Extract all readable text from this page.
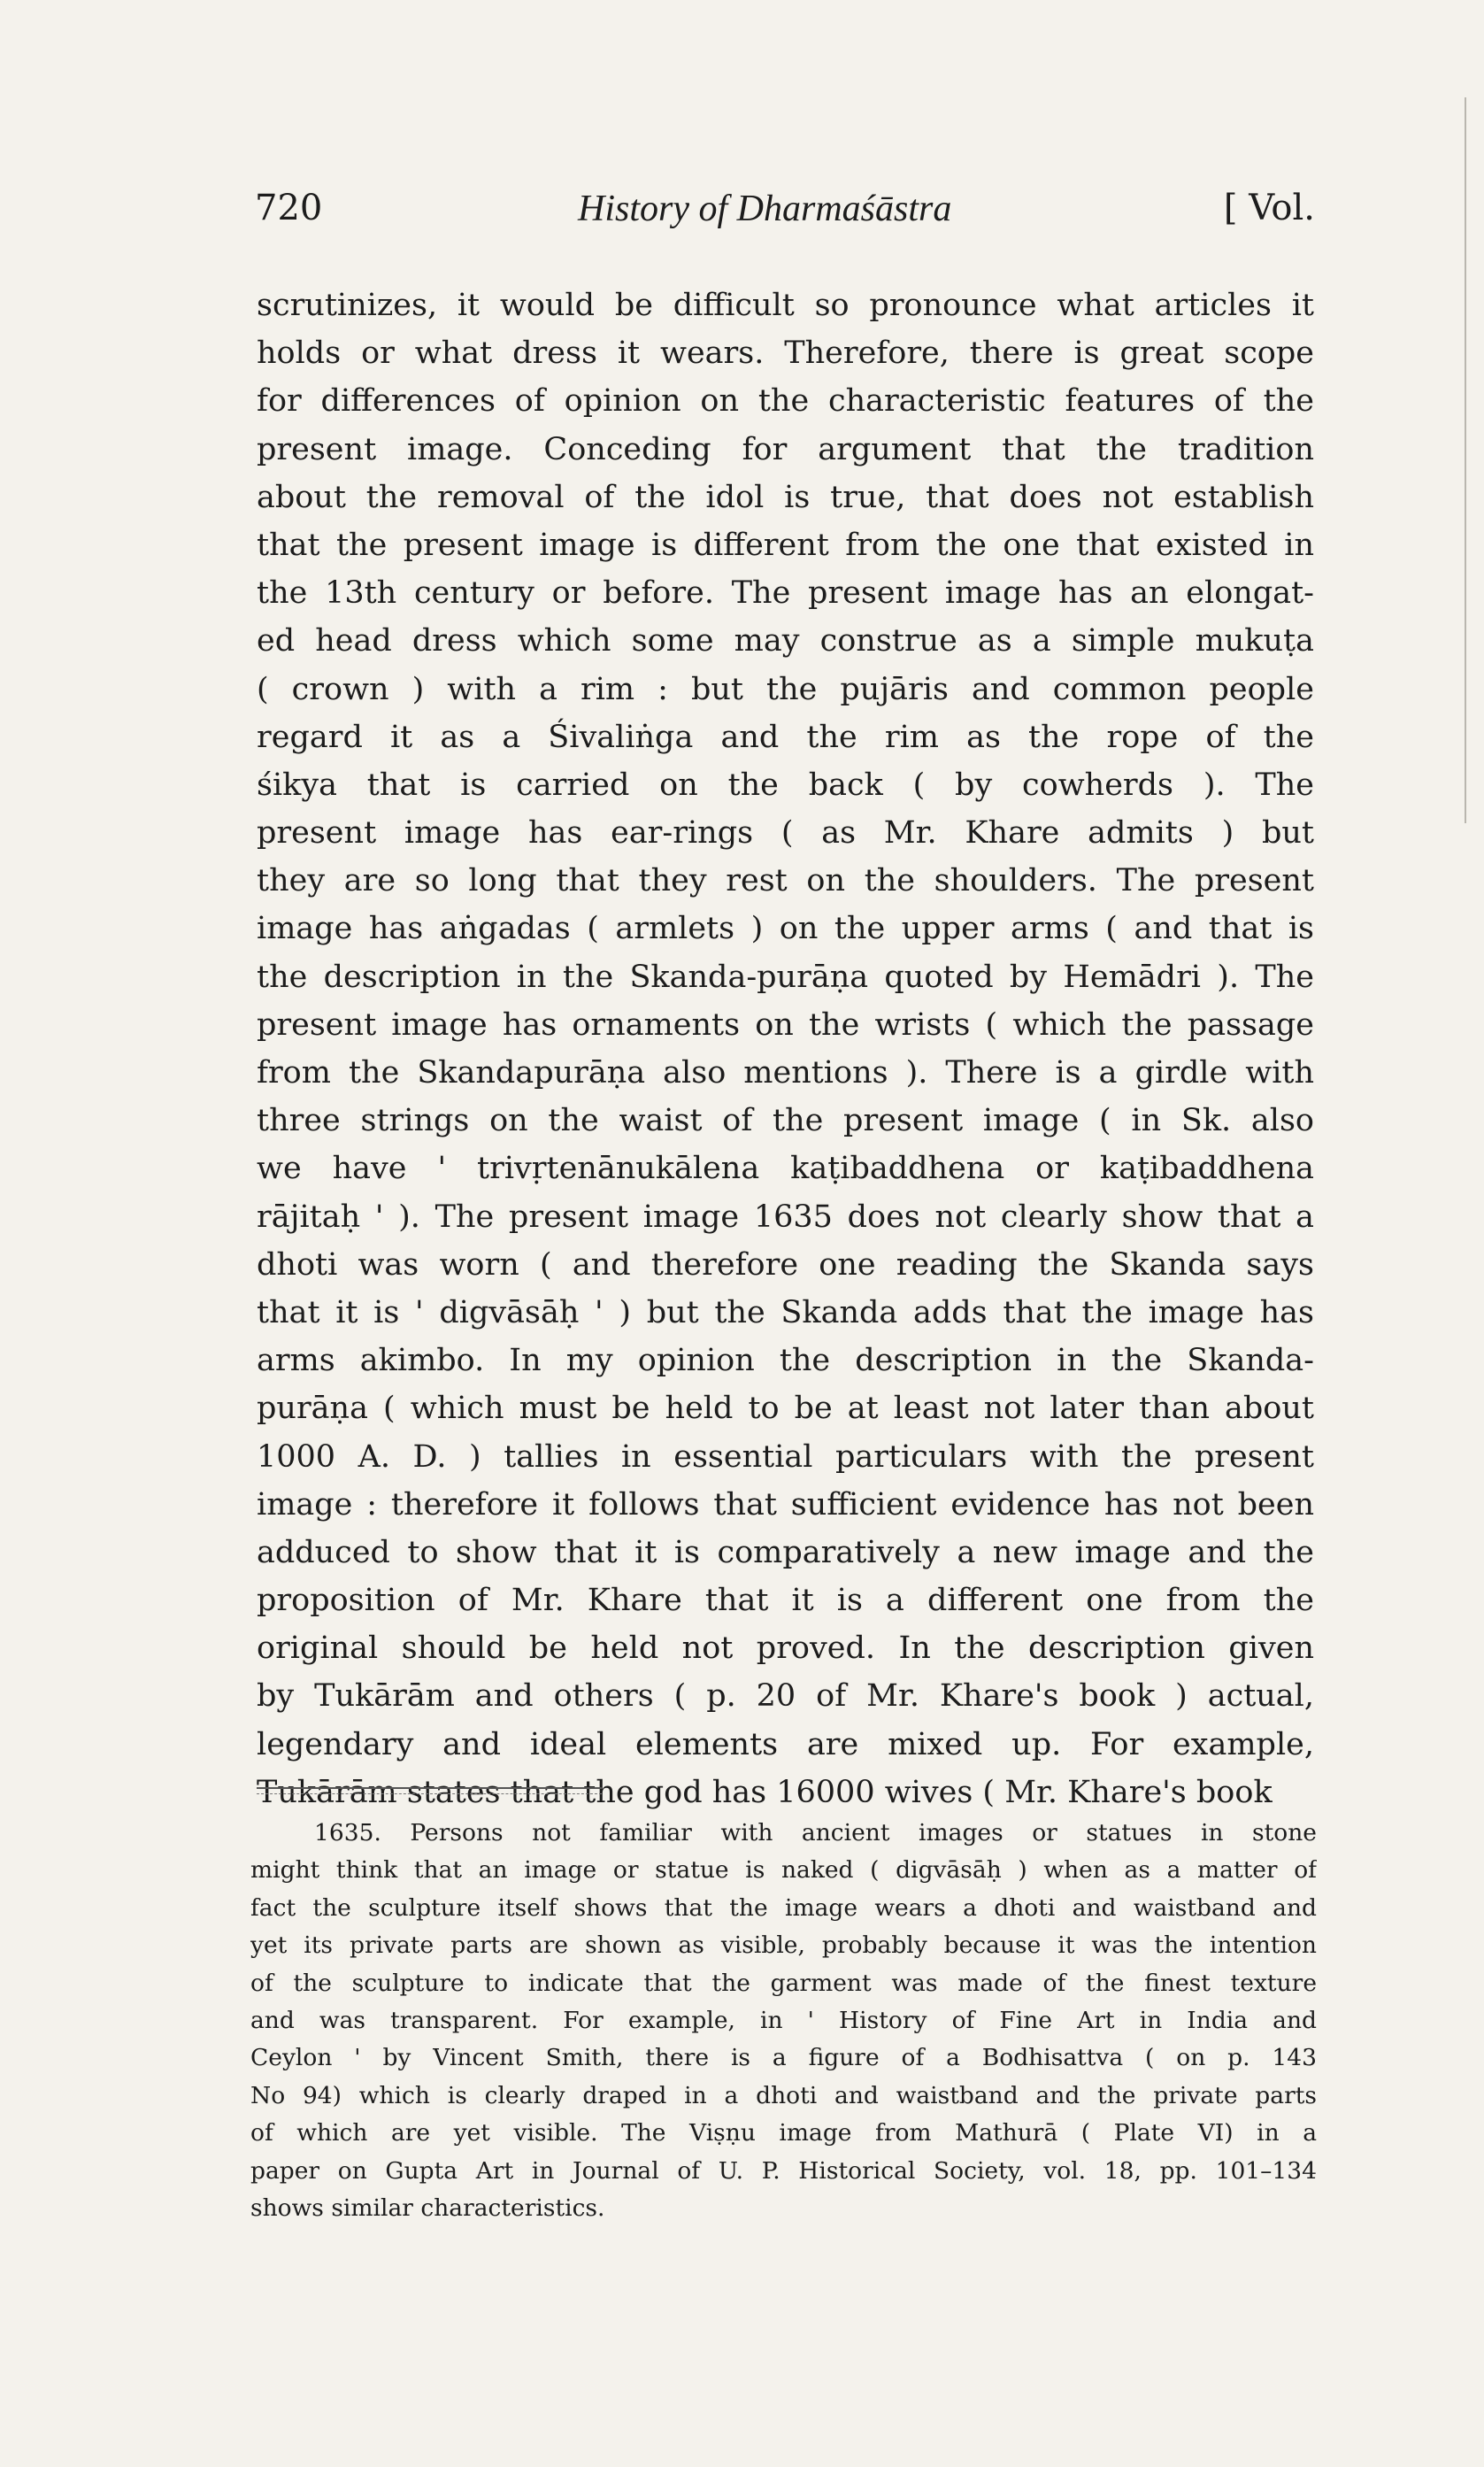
720	History of Dharmaśāstra	[ Vol.
scrutinizes, it would be difficult so pronounce what articles it
holds or what dress it wears. Therefore, there is great scope
for differences of opinion on the characteristic features of the
present image. Conceding for argument that the tradition
about the removal of the idol is true, that does not establish
that the present image is different from the one that existed in
the 13th century or before. The present image has an elongat-
ed head dress which some may construe as a simple mukuṭa
( crown ) with a rim : but the pujāris and common people
regard it as a Śivaliṅga and the rim as the rope of the
śikya that is carried on the back ( by cowherds ). The
present image has ear-rings ( as Mr. Khare admits ) but
they are so long that they rest on the shoulders. The present
image has aṅgadas ( armlets ) on the upper arms ( and that is
the description in the Skanda-purāṇa quoted by Hemādri ). The
present image has ornaments on the wrists ( which the passage
from the Skandapurāṇa also mentions ). There is a girdle with
three strings on the waist of the present image ( in Sk. also
we have ' trivṛtenānukālena kaṭibaddhena or kaṭibaddhena
rājitaḥ ' ). The present image 1635 does not clearly show that a
dhoti was worn ( and therefore one reading the Skanda says
that it is ' digvāsāḥ ' ) but the Skanda adds that the image has
arms akimbo. In my opinion the description in the Skanda-
purāṇa ( which must be held to be at least not later than about
1000 A. D. ) tallies in essential particulars with the present
image : therefore it follows that sufficient evidence has not been
adduced to show that it is comparatively a new image and the
proposition of Mr. Khare that it is a different one from the
original should be held not proved. In the description given
by Tukārām and others ( p. 20 of Mr. Khare's book ) actual,
legendary and ideal elements are mixed up. For example,
Tukārām states that the god has 16000 wives ( Mr. Khare's book
1635. Persons not familiar with ancient images or statues in stone
might think that an image or statue is naked ( digvāsāḥ ) when as a matter of
fact the sculpture itself shows that the image wears a dhoti and waistband and
yet its private parts are shown as visible, probably because it was the intention
of the sculpture to indicate that the garment was made of the finest texture
and was transparent. For example, in ' History of Fine Art in India and
Ceylon ' by Vincent Smith, there is a figure of a Bodhisattva ( on p. 143
No 94) which is clearly draped in a dhoti and waistband and the private parts
of which are yet visible. The Viṣṇu image from Mathurā ( Plate VI) in a
paper on Gupta Art in Journal of U. P. Historical Society, vol. 18, pp. 101–134
shows similar characteristics.
